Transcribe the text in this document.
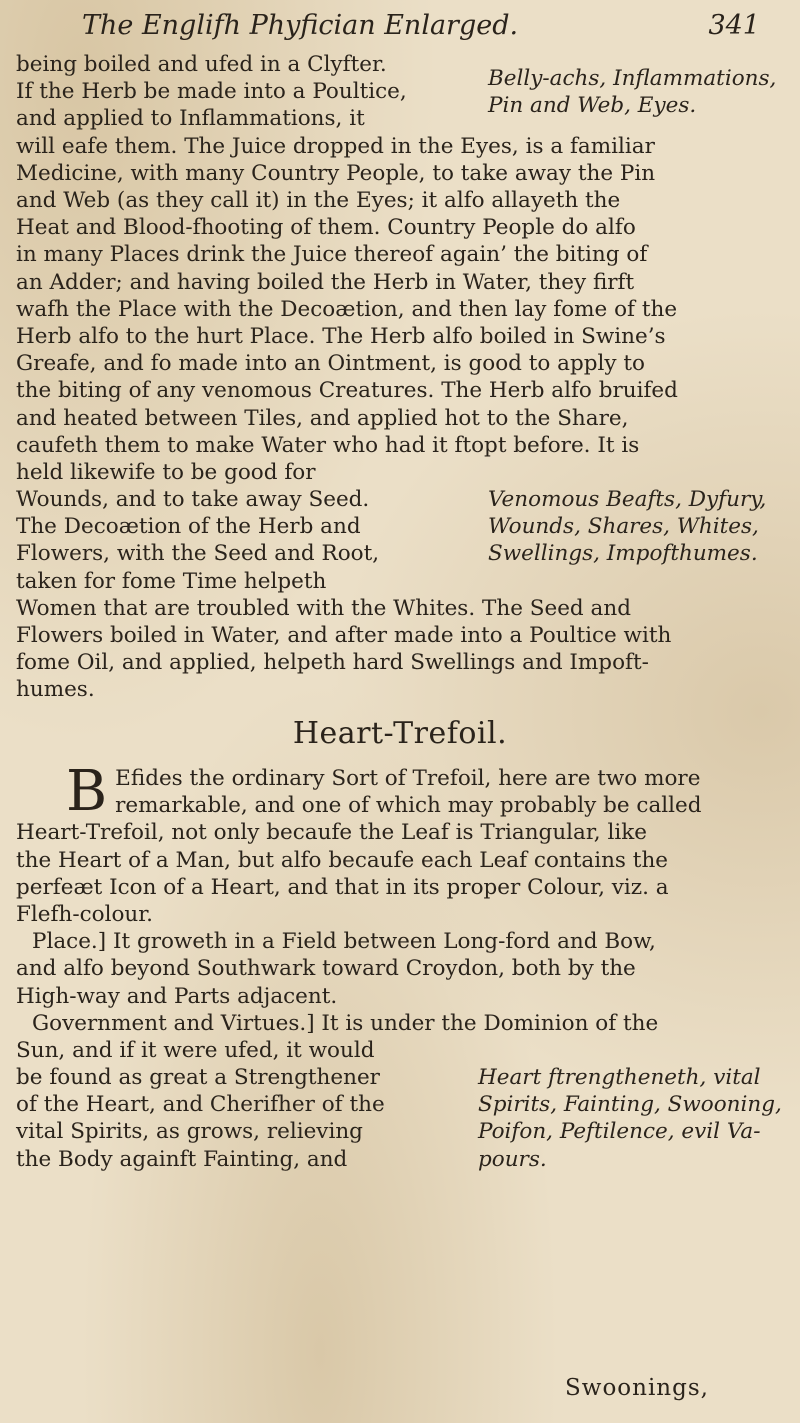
The Englifh Phyfician Enlarged.	341
being boiled and ufed in a Clyfter.
If the Herb be made into a Poultice,
and applied to Inflammations, it
Belly-achs, Inflammations,
Pin and Web, Eyes.
will eafe them. The Juice dropped in the Eyes, is a familiar
Medicine, with many Country People, to take away the Pin
and Web (as they call it) in the Eyes; it alfo allayeth the
Heat and Blood-fhooting of them. Country People do alfo
in many Places drink the Juice thereof again’ the biting of
an Adder; and having boiled the Herb in Water, they firft
wafh the Place with the Decoætion, and then lay fome of the
Herb alfo to the hurt Place. The Herb alfo boiled in Swine’s
Greafe, and fo made into an Ointment, is good to apply to
the biting of any venomous Creatures. The Herb alfo bruifed
and heated between Tiles, and applied hot to the Share,
caufeth them to make Water who had it ftopt before. It is
held likewife to be good for
Wounds, and to take away Seed.
The Decoætion of the Herb and
Flowers, with the Seed and Root,
taken for fome Time helpeth
Venomous Beafts, Dyfury,
Wounds, Shares, Whites,
Swellings, Impofthumes.
Women that are troubled with the Whites. The Seed and
Flowers boiled in Water, and after made into a Poultice with
fome Oil, and applied, helpeth hard Swellings and Impoft-
humes.
Heart-Trefoil.
B Efides the ordinary Sort of Trefoil, here are two more
remarkable, and one of which may probably be called
Heart-Trefoil, not only becaufe the Leaf is Triangular, like
the Heart of a Man, but alfo becaufe each Leaf contains the
perfeæt Icon of a Heart, and that in its proper Colour, viz. a
Flefh-colour.
Place.] It groweth in a Field between Long-ford and Bow,
and alfo beyond Southwark toward Croydon, both by the
High-way and Parts adjacent.
Government and Virtues.] It is under the Dominion of the
Sun, and if it were ufed, it would
be found as great a Strengthener
of the Heart, and Cherifher of the
vital Spirits, as grows, relieving
the Body againft Fainting, and
Heart ftrengtheneth, vital
Spirits, Fainting, Swooning,
Poifon, Peftilence, evil Va-
pours.
Swoonings,
